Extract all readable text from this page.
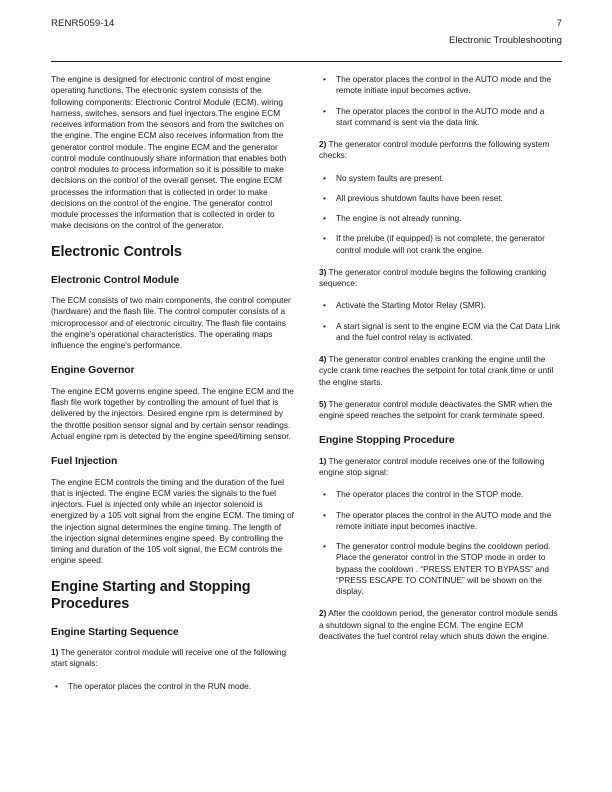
RENR5059-14	7
Electronic Troubleshooting

The engine is designed for electronic control of most engine operating functions. The electronic system consists of the following components: Electronic Control Module (ECM), wiring harness, switches, sensors and fuel injectors.The engine ECM receives information from the sensors and from the switches on the engine. The engine ECM also receives information from the generator control module. The engine ECM and the generator control module continuously share information that enables both control modules to process information so it is possible to make decisions on the control of the overall genset. The engine ECM processes the information that is collected in order to make decisions on the control of the engine. The generator control module processes the information that is collected in order to make decisions on the control of the generator.

Electronic Controls
Electronic Control Module

The ECM consists of two main components, the control computer (hardware) and the flash file. The control computer consists of a microprocessor and of electronic circuitry. The flash file contains the engine's operational characteristics. The operating maps influence the engine's performance.

Engine Governor

The engine ECM governs engine speed. The engine ECM and the flash file work together by controlling the amount of fuel that is delivered by the injectors. Desired engine rpm is determined by the throttle position sensor signal and by certain sensor readings. Actual engine rpm is detected by the engine speed/timing sensor.

Fuel Injection

The engine ECM controls the timing and the duration of the fuel that is injected. The engine ECM varies the signals to the fuel injectors. Fuel is injected only while an injector solenoid is energized by a 105 volt signal from the engine ECM. The timing of the injection signal determines the engine timing. The length of the injection signal determines engine speed. By controlling the timing and duration of the 105 volt signal, the ECM controls the engine speed.

Engine Starting and Stopping Procedures
Engine Starting Sequence

1) The generator control module will receive one of the following start signals:

• The operator places the control in the RUN mode.
• The operator places the control in the AUTO mode and the remote initiate input becomes active.
• The operator places the control in the AUTO mode and a start command is sent via the data link.

2) The generator control module performs the following system checks:

• No system faults are present.
• All previous shutdown faults have been reset.
• The engine is not already running.
• If the prelube (if equipped) is not complete, the generator control module will not crank the engine.

3) The generator control module begins the following cranking sequence:

• Activate the Starting Motor Relay (SMR).
• A start signal is sent to the engine ECM via the Cat Data Link and the fuel control relay is activated.

4) The generator control enables cranking the engine until the cycle crank time reaches the setpoint for total crank time or until the engine starts.

5) The generator control module deactivates the SMR when the engine speed reaches the setpoint for crank terminate speed.

Engine Stopping Procedure

1) The generator control module receives one of the following engine stop signal:

• The operator places the control in the STOP mode.
• The operator places the control in the AUTO mode and the remote initiate input becomes inactive.
• The generator control module begins the cooldown period. Place the generator control in the STOP mode in order to bypass the cooldown . “PRESS ENTER TO BYPASS” and “PRESS ESCAPE TO CONTINUE” will be shown on the display.

2) After the cooldown period, the generator control module sends a shutdown signal to the engine ECM. The engine ECM deactivates the fuel control relay which shuts down the engine.
